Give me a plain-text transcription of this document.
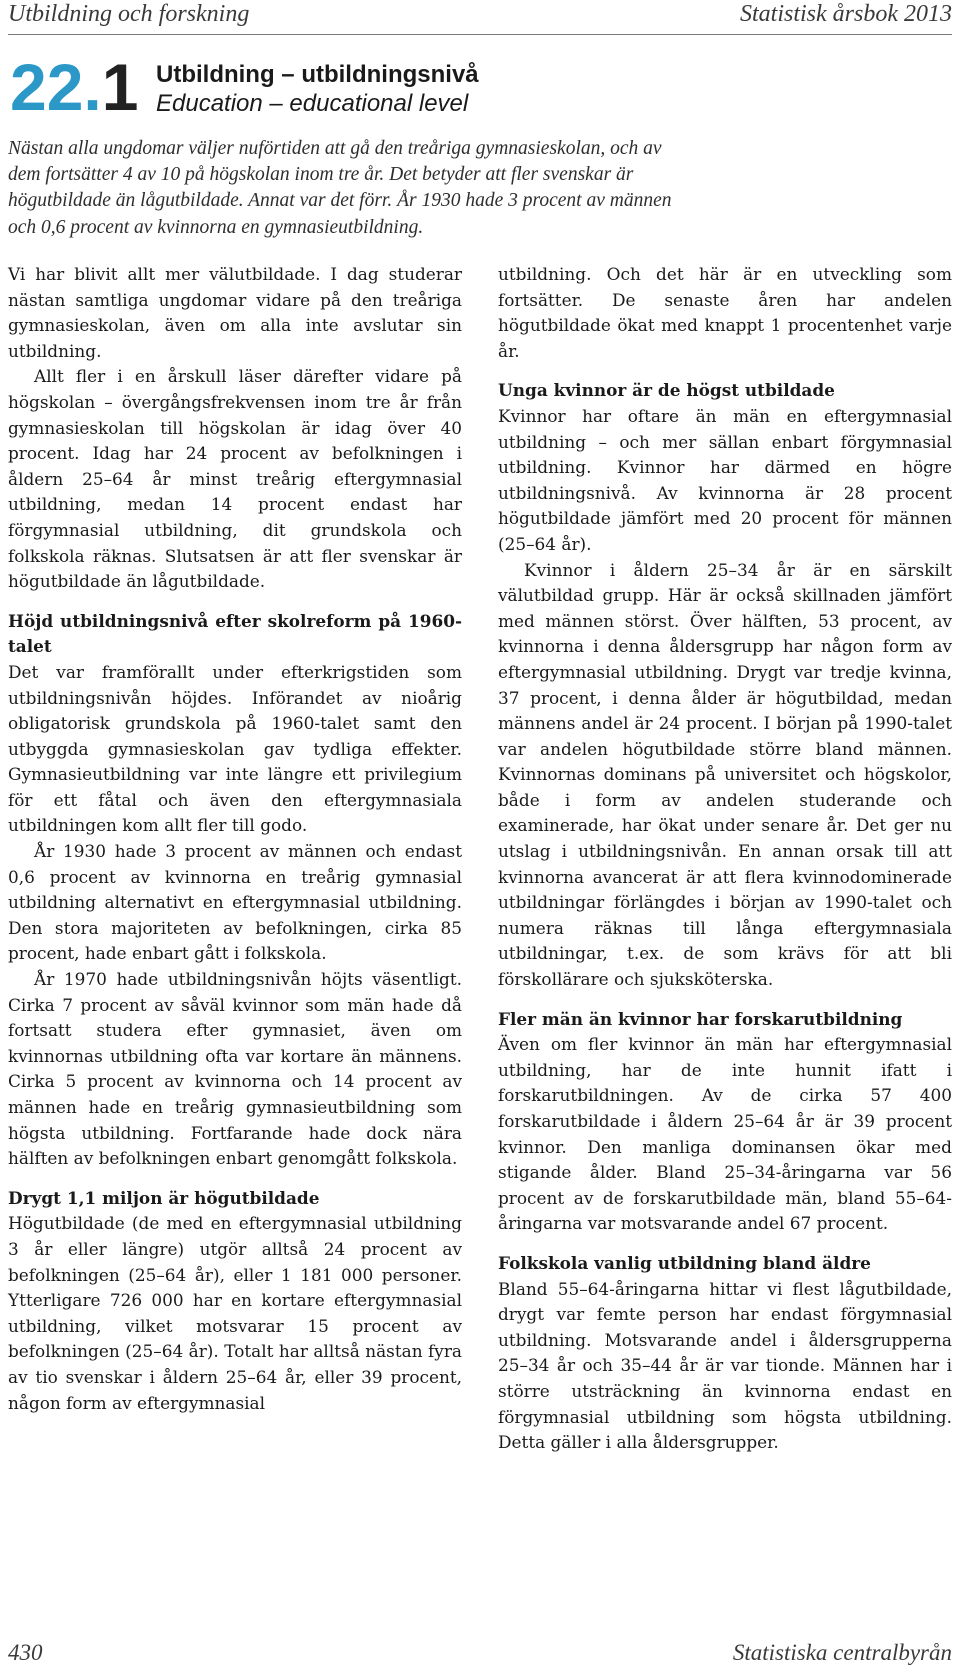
Utbildning och forskning	Statistisk årsbok 2013
22.1 Utbildning – utbildningsnivå
Education – educational level
Nästan alla ungdomar väljer nuförtiden att gå den treåriga gymnasieskolan, och av dem fortsätter 4 av 10 på högskolan inom tre år. Det betyder att fler svenskar är högutbildade än lågutbildade. Annat var det förr. År 1930 hade 3 procent av männen och 0,6 procent av kvinnorna en gymnasieutbildning.

Vi har blivit allt mer välutbildade. I dag studerar nästan samtliga ungdomar vidare på den treåriga gymnasieskolan, även om alla inte avslutar sin utbildning.

Allt fler i en årskull läser därefter vidare på högskolan – övergångsfrekvensen inom tre år från gymnasieskolan till högskolan är idag över 40 procent. Idag har 24 procent av befolkningen i åldern 25–64 år minst treårig eftergymnasial utbildning, medan 14 procent endast har förgymnasial utbildning, dit grundskola och folkskola räknas. Slutsatsen är att fler svenskar är högutbildade än lågutbildade.

Höjd utbildningsnivå efter skolreform på 1960-talet

Det var framförallt under efterkrigstiden som utbildningsnivån höjdes. Införandet av nioårig obligatorisk grundskola på 1960-talet samt den utbyggda gymnasieskolan gav tydliga effekter. Gymnasieutbildning var inte längre ett privilegium för ett fåtal och även den eftergymnasiala utbildningen kom allt fler till godo.

År 1930 hade 3 procent av männen och endast 0,6 procent av kvinnorna en treårig gymnasial utbildning alternativt en eftergymnasial utbildning. Den stora majoriteten av befolkningen, cirka 85 procent, hade enbart gått i folkskola.

År 1970 hade utbildningsnivån höjts väsentligt. Cirka 7 procent av såväl kvinnor som män hade då fortsatt studera efter gymnasiet, även om kvinnornas utbildning ofta var kortare än männens. Cirka 5 procent av kvinnorna och 14 procent av männen hade en treårig gymnasieutbildning som högsta utbildning. Fortfarande hade dock nära hälften av befolkningen enbart genomgått folkskola.

Drygt 1,1 miljon är högutbildade

Högutbildade (de med en eftergymnasial utbildning 3 år eller längre) utgör alltså 24 procent av befolkningen (25–64 år), eller 1 181 000 personer. Ytterligare 726 000 har en kortare eftergymnasial utbildning, vilket motsvarar 15 procent av befolkningen (25–64 år). Totalt har alltså nästan fyra av tio svenskar i åldern 25–64 år, eller 39 procent, någon form av eftergymnasial

utbildning. Och det här är en utveckling som fortsätter. De senaste åren har andelen högutbildade ökat med knappt 1 procentenhet varje år.

Unga kvinnor är de högst utbildade

Kvinnor har oftare än män en eftergymnasial utbildning – och mer sällan enbart förgymnasial utbildning. Kvinnor har därmed en högre utbildningsnivå. Av kvinnorna är 28 procent högutbildade jämfört med 20 procent för männen (25–64 år).

Kvinnor i åldern 25–34 år är en särskilt välutbildad grupp. Här är också skillnaden jämfört med männen störst. Över hälften, 53 procent, av kvinnorna i denna åldersgrupp har någon form av eftergymnasial utbildning. Drygt var tredje kvinna, 37 procent, i denna ålder är högutbildad, medan männens andel är 24 procent. I början på 1990-talet var andelen högutbildade större bland männen. Kvinnornas dominans på universitet och högskolor, både i form av andelen studerande och examinerade, har ökat under senare år. Det ger nu utslag i utbildningsnivån. En annan orsak till att kvinnorna avancerat är att flera kvinnodominerade utbildningar förlängdes i början av 1990-talet och numera räknas till långa eftergymnasiala utbildningar, t.ex. de som krävs för att bli förskollärare och sjuksköterska.

Fler män än kvinnor har forskarutbildning

Även om fler kvinnor än män har eftergymnasial utbildning, har de inte hunnit ifatt i forskarutbildningen. Av de cirka 57 400 forskarutbildade i åldern 25–64 år är 39 procent kvinnor. Den manliga dominansen ökar med stigande ålder. Bland 25–34-åringarna var 56 procent av de forskarutbildade män, bland 55–64-åringarna var motsvarande andel 67 procent.

Folkskola vanlig utbildning bland äldre

Bland 55–64-åringarna hittar vi flest lågutbildade, drygt var femte person har endast förgymnasial utbildning. Motsvarande andel i åldersgrupperna 25–34 år och 35–44 år är var tionde. Männen har i större utsträckning än kvinnorna endast en förgymnasial utbildning som högsta utbildning. Detta gäller i alla åldersgrupper.

430	Statistiska centralbyrån
